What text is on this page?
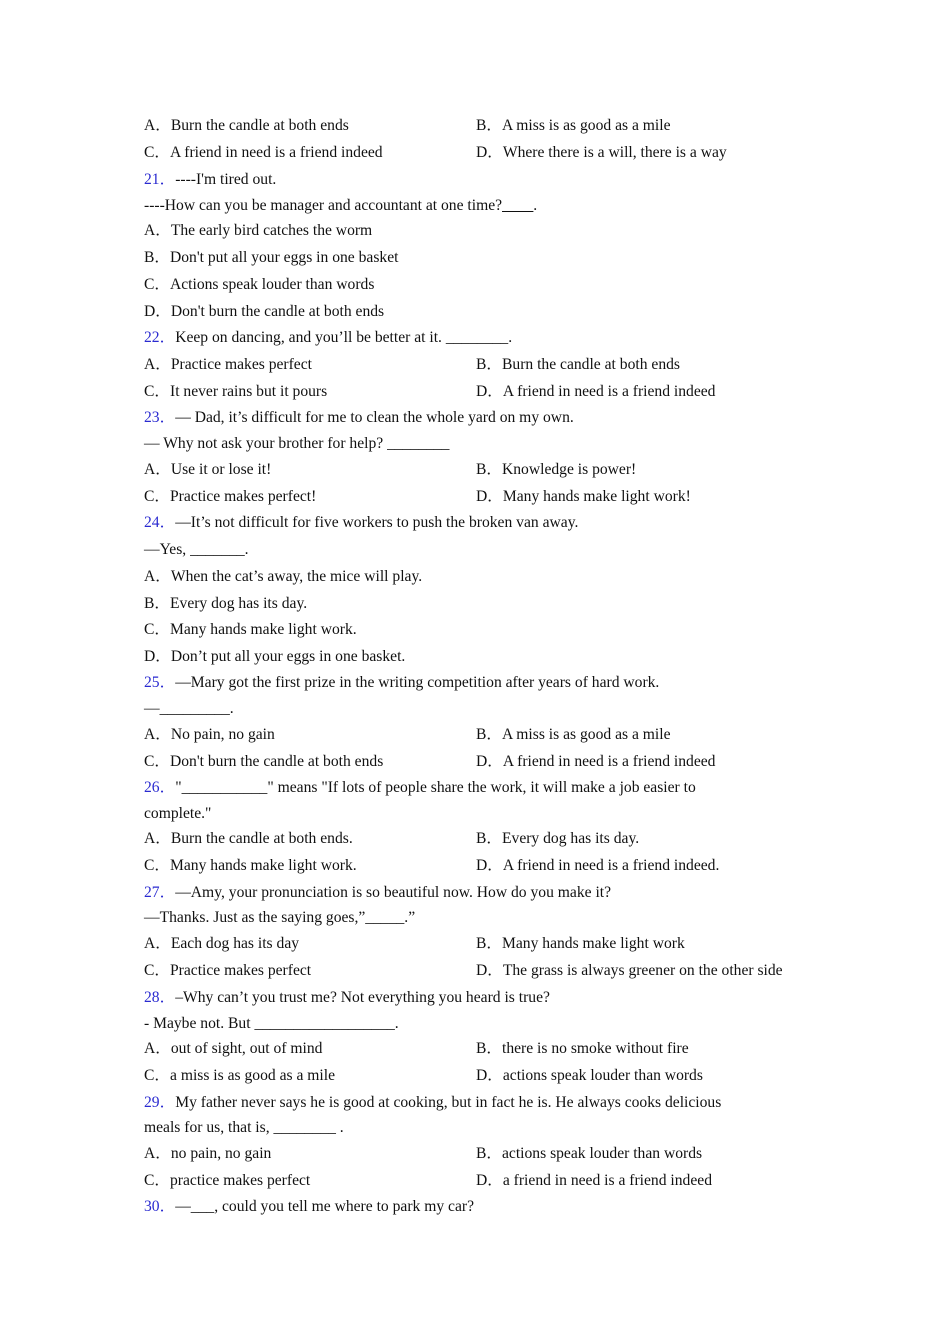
A．Burn the candle at both ends	B．A miss is as good as a mile
C．A friend in need is a friend indeed	D．Where there is a will, there is a way
21．----I'm tired out.
----How can you be manager and accountant at one time?____.
A．The early bird catches the worm
B．Don't put all your eggs in one basket
C．Actions speak louder than words
D．Don't burn the candle at both ends
22．Keep on dancing, and you’ll be better at it. ________.
A．Practice makes perfect	B．Burn the candle at both ends
C．It never rains but it pours	D．A friend in need is a friend indeed
23．— Dad, it’s difficult for me to clean the whole yard on my own.
— Why not ask your brother for help? ________
A．Use it or lose it!	B．Knowledge is power!
C．Practice makes perfect!	D．Many hands make light work!
24．—It’s not difficult for five workers to push the broken van away.
—Yes, _______.
A．When the cat’s away, the mice will play.
B．Every dog has its day.
C．Many hands make light work.
D．Don’t put all your eggs in one basket.
25．—Mary got the first prize in the writing competition after years of hard work.
—_________.
A．No pain, no gain	B．A miss is as good as a mile
C．Don't burn the candle at both ends	D．A friend in need is a friend indeed
26．"___________" means "If lots of people share the work, it will make a job easier to
complete."
A．Burn the candle at both ends.	B．Every dog has its day.
C．Many hands make light work.	D．A friend in need is a friend indeed.
27．—Amy, your pronunciation is so beautiful now. How do you make it?
—Thanks. Just as the saying goes,”_____.”
A．Each dog has its day	B．Many hands make light work
C．Practice makes perfect	D．The grass is always greener on the other side
28．–Why can’t you trust me? Not everything you heard is true?
- Maybe not. But __________________.
A．out of sight, out of mind	B．there is no smoke without fire
C．a miss is as good as a mile	D．actions speak louder than words
29．My father never says he is good at cooking, but in fact he is. He always cooks delicious
meals for us, that is, ________ .
A．no pain, no gain	B．actions speak louder than words
C．practice makes perfect	D．a friend in need is a friend indeed
30．—___, could you tell me where to park my car?
